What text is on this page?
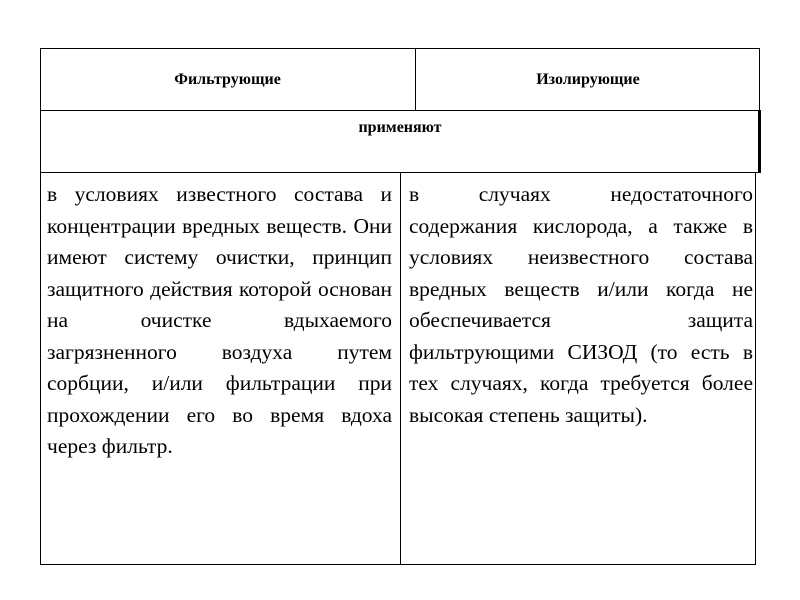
Фильтрующие	Изолирующие
применяют

в условиях известного состава и концентрации вредных веществ. Они имеют систему очистки, принцип защитного действия которой основан на очистке вдыхаемого загрязненного воздуха путем сорбции, и/или фильтрации при прохождении его во время вдоха через фильтр.

в случаях недостаточного содержания кислорода, а также в условиях неизвестного состава вредных веществ и/или когда не обеспечивается защита фильтрующими СИЗОД (то есть в тех случаях, когда требуется более высокая степень защиты).
